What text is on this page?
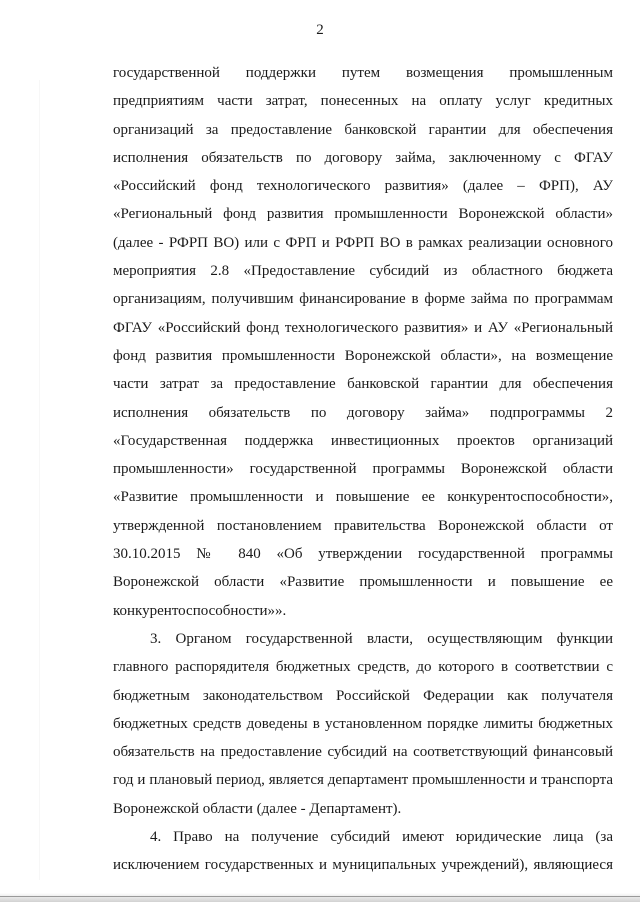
2
государственной поддержки путем возмещения промышленным
предприятиям части затрат, понесенных на оплату услуг кредитных
организаций за предоставление банковской гарантии для обеспечения
исполнения обязательств по договору займа, заключенному с ФГАУ
«Российский фонд технологического развития» (далее – ФРП), АУ
«Региональный фонд развития промышленности Воронежской области»
(далее - РФРП ВО) или с ФРП и РФРП ВО в рамках реализации основного
мероприятия 2.8 «Предоставление субсидий из областного бюджета
организациям, получившим финансирование в форме займа по программам
ФГАУ «Российский фонд технологического развития» и АУ «Региональный
фонд развития промышленности Воронежской области», на возмещение
части затрат за предоставление банковской гарантии для обеспечения
исполнения обязательств по договору займа» подпрограммы 2
«Государственная поддержка инвестиционных проектов организаций
промышленности» государственной программы Воронежской области
«Развитие промышленности и повышение ее конкурентоспособности»,
утвержденной постановлением правительства Воронежской области от
30.10.2015 № 840 «Об утверждении государственной программы
Воронежской области «Развитие промышленности и повышение ее
конкурентоспособности»».
3. Органом государственной власти, осуществляющим функции
главного распорядителя бюджетных средств, до которого в соответствии с
бюджетным законодательством Российской Федерации как получателя
бюджетных средств доведены в установленном порядке лимиты бюджетных
обязательств на предоставление субсидий на соответствующий финансовый
год и плановый период, является департамент промышленности и транспорта
Воронежской области (далее - Департамент).
4. Право на получение субсидий имеют юридические лица (за
исключением государственных и муниципальных учреждений), являющиеся
